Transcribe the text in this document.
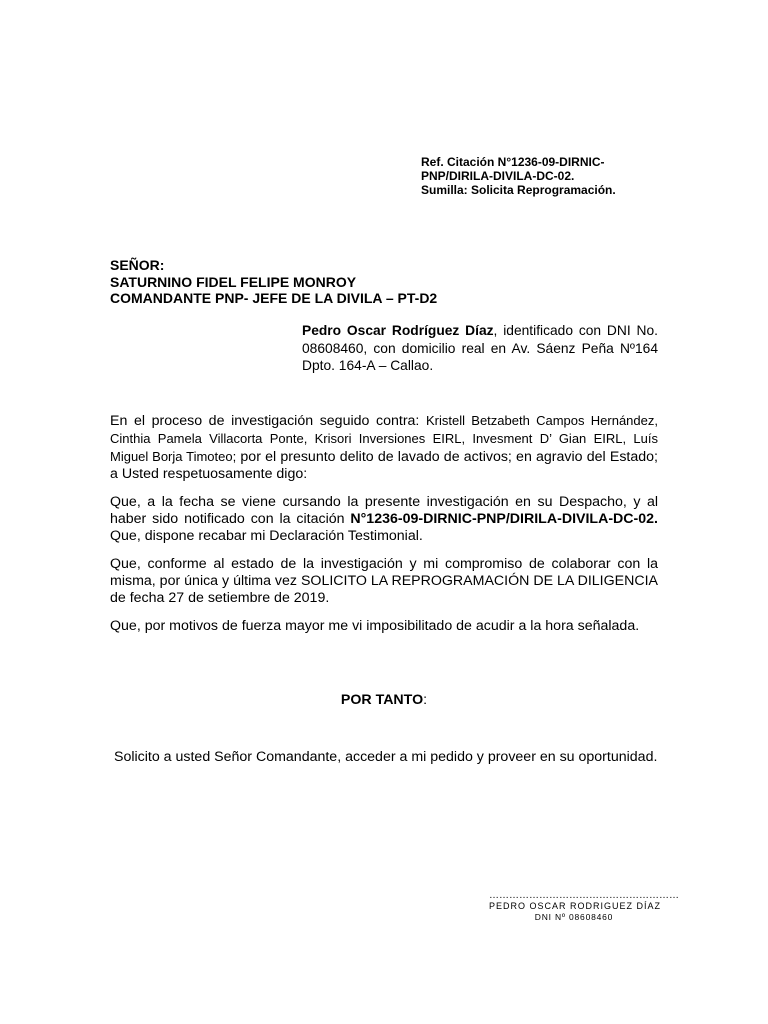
Ref. Citación N°1236-09-DIRNIC-
PNP/DIRILA-DIVILA-DC-02.
Sumilla: Solicita Reprogramación.
SEÑOR:
SATURNINO FIDEL FELIPE MONROY
COMANDANTE PNP- JEFE DE LA DIVILA – PT-D2

Pedro Oscar Rodríguez Díaz, identificado con DNI No. 08608460, con domicilio real en Av. Sáenz Peña Nº164 Dpto. 164-A – Callao.

En el proceso de investigación seguido contra: Kristell Betzabeth Campos Hernández, Cinthia Pamela Villacorta Ponte, Krisori Inversiones EIRL, Invesment D’ Gian EIRL, Luís Miguel Borja Timoteo; por el presunto delito de lavado de activos; en agravio del Estado; a Usted respetuosamente digo:

Que, a la fecha se viene cursando la presente investigación en su Despacho, y al haber sido notificado con la citación N°1236-09-DIRNIC-PNP/DIRILA-DIVILA-DC-02. Que, dispone recabar mi Declaración Testimonial.

Que, conforme al estado de la investigación y mi compromiso de colaborar con la misma, por única y última vez SOLICITO LA REPROGRAMACIÓN DE LA DILIGENCIA de fecha 27 de setiembre de 2019.

Que, por motivos de fuerza mayor me vi imposibilitado de acudir a la hora señalada.

POR TANTO:

Solicito a usted Señor Comandante, acceder a mi pedido y proveer en su oportunidad.

…………………………………………………
PEDRO OSCAR RODRIGUEZ DÍAZ
DNI Nº 08608460
